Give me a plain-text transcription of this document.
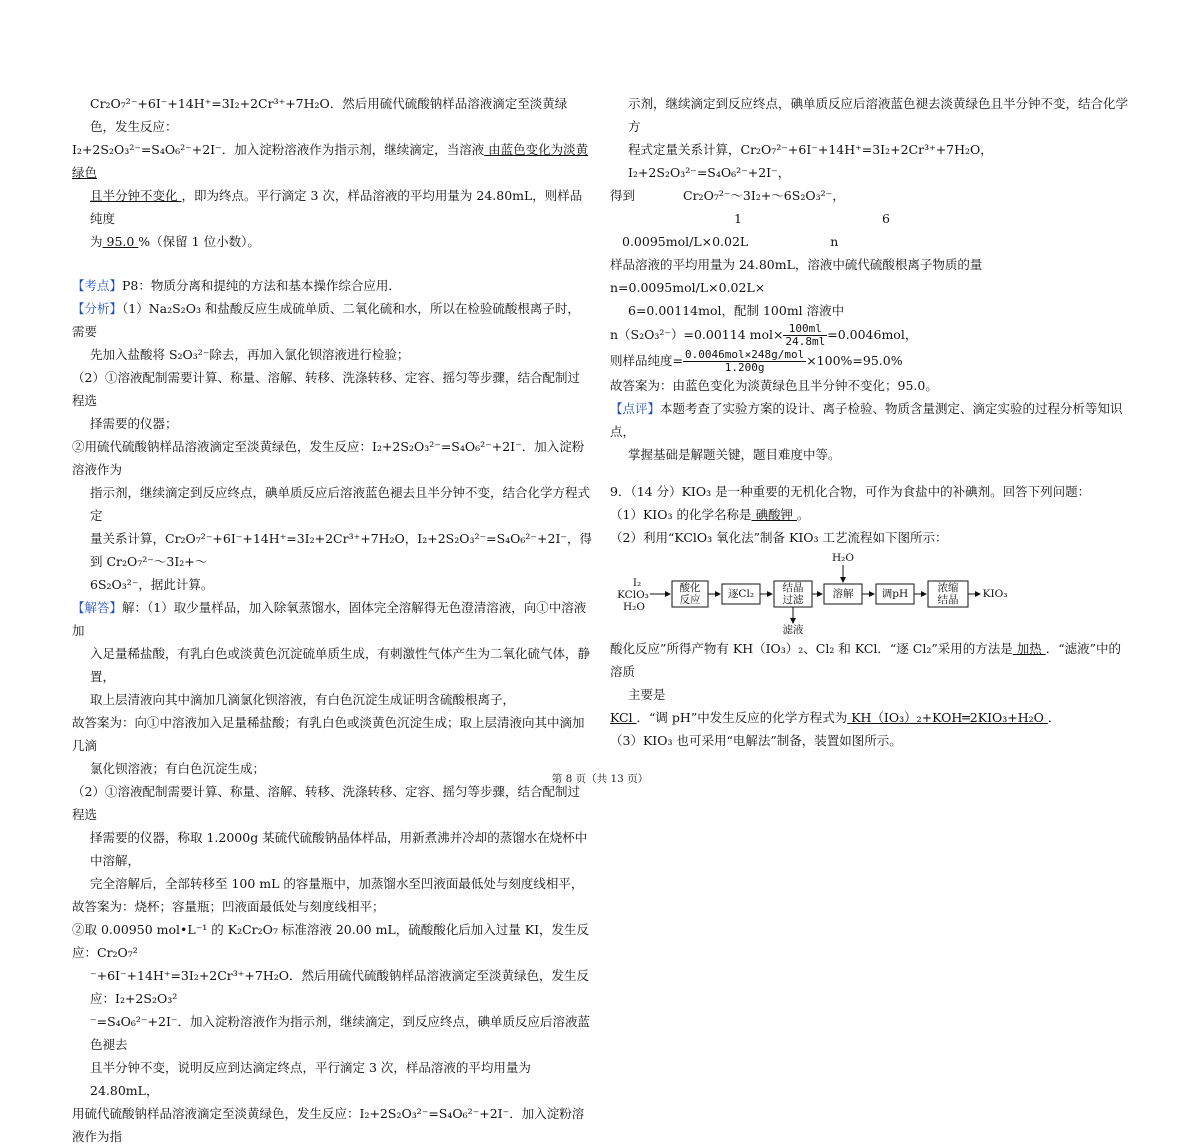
Cr₂O₇²⁻+6I⁻+14H⁺=3I₂+2Cr³⁺+7H₂O．然后用硫代硫酸钠样品溶液滴定至淡黄绿色，发生反应：

I₂+2S₂O₃²⁻=S₄O₆²⁻+2I⁻．加入淀粉溶液作为指示剂，继续滴定，当溶液 由蓝色变化为淡黄绿色

且半分钟不变化 ，即为终点。平行滴定 3 次，样品溶液的平均用量为 24.80mL，则样品纯度

为 95.0 %（保留 1 位小数）。

【考点】P8：物质分离和提纯的方法和基本操作综合应用．

【分析】（1）Na₂S₂O₃ 和盐酸反应生成硫单质、二氧化硫和水，所以在检验硫酸根离子时，需要

先加入盐酸将 S₂O₃²⁻除去，再加入氯化钡溶液进行检验；

（2）①溶液配制需要计算、称量、溶解、转移、洗涤转移、定容、摇匀等步骤，结合配制过程选

择需要的仪器；

②用硫代硫酸钠样品溶液滴定至淡黄绿色，发生反应：I₂+2S₂O₃²⁻=S₄O₆²⁻+2I⁻．加入淀粉溶液作为

指示剂，继续滴定到反应终点，碘单质反应后溶液蓝色褪去且半分钟不变，结合化学方程式定

量关系计算，Cr₂O₇²⁻+6I⁻+14H⁺=3I₂+2Cr³⁺+7H₂O，I₂+2S₂O₃²⁻=S₄O₆²⁻+2I⁻，得到 Cr₂O₇²⁻～3I₂+～

6S₂O₃²⁻，据此计算。

【解答】解：（1）取少量样品，加入除氧蒸馏水，固体完全溶解得无色澄清溶液，向①中溶液加

入足量稀盐酸，有乳白色或淡黄色沉淀硫单质生成，有刺激性气体产生为二氧化硫气体，静置，

取上层清液向其中滴加几滴氯化钡溶液，有白色沉淀生成证明含硫酸根离子，

故答案为：向①中溶液加入足量稀盐酸；有乳白色或淡黄色沉淀生成；取上层清液向其中滴加几滴

氯化钡溶液；有白色沉淀生成；

（2）①溶液配制需要计算、称量、溶解、转移、洗涤转移、定容、摇匀等步骤，结合配制过程选

择需要的仪器，称取 1.2000g 某硫代硫酸钠晶体样品，用新煮沸并冷却的蒸馏水在烧杯中中溶解，

完全溶解后，全部转移至 100 mL 的容量瓶中，加蒸馏水至凹液面最低处与刻度线相平，

故答案为：烧杯；容量瓶；凹液面最低处与刻度线相平；

②取 0.00950 mol•L⁻¹ 的 K₂Cr₂O₇ 标准溶液 20.00 mL，硫酸酸化后加入过量 KI，发生反应：Cr₂O₇²

⁻+6I⁻+14H⁺=3I₂+2Cr³⁺+7H₂O．然后用硫代硫酸钠样品溶液滴定至淡黄绿色，发生反应：I₂+2S₂O₃²

⁻=S₄O₆²⁻+2I⁻．加入淀粉溶液作为指示剂，继续滴定，到反应终点，碘单质反应后溶液蓝色褪去

且半分钟不变，说明反应到达滴定终点，平行滴定 3 次，样品溶液的平均用量为 24.80mL，

用硫代硫酸钠样品溶液滴定至淡黄绿色，发生反应：I₂+2S₂O₃²⁻=S₄O₆²⁻+2I⁻．加入淀粉溶液作为指

示剂，继续滴定到反应终点，碘单质反应后溶液蓝色褪去淡黄绿色且半分钟不变，结合化学方

程式定量关系计算，Cr₂O₇²⁻+6I⁻+14H⁺=3I₂+2Cr³⁺+7H₂O，I₂+2S₂O₃²⁻=S₄O₆²⁻+2I⁻，

得到	Cr₂O₇²⁻～3I₂+～6S₂O₃²⁻，

1	6

0.0095mol/L×0.02L	n

样品溶液的平均用量为 24.80mL，溶液中硫代硫酸根离子物质的量 n=0.0095mol/L×0.02L×

6=0.00114mol，配制 100ml 溶液中

n（S₂O₃²⁻）=0.00114 $mol\times \frac{100ml}{24.8ml} =0.0046mol$，

则样品纯度= $\frac{\text{0.0046mol×248g/mol}}{1.200g} \times 100\%=95.0\%$

故答案为：由蓝色变化为淡黄绿色且半分钟不变化；95.0。

【点评】本题考查了实验方案的设计、离子检验、物质含量测定、滴定实验的过程分析等知识点，

掌握基础是解题关键，题目难度中等。

9．（14 分）KIO₃ 是一种重要的无机化合物，可作为食盐中的补碘剂。回答下列问题：

（1）KIO₃ 的化学名称是 碘酸钾 。

（2）利用“KClO₃ 氧化法”制备 KIO₃ 工艺流程如下图所示：

I₂
KClO₃
H₂O
酸化
反应	逐Cl₂	结晶
过滤	溶解	调pH	浓缩
结晶	KIO₃
H₂O
滤液

酸化反应”所得产物有 KH（IO₃）₂、Cl₂ 和 KCl．“逐 Cl₂”采用的方法是 加热 ．“滤液”中的溶质

主要是

KCl ．“调 pH”中发生反应的化学方程式为 KH（IO₃）₂+KOH═2KIO₃+H₂O ．

（3）KIO₃ 也可采用“电解法”制备，装置如图所示。

第 8 页（共 13 页）
